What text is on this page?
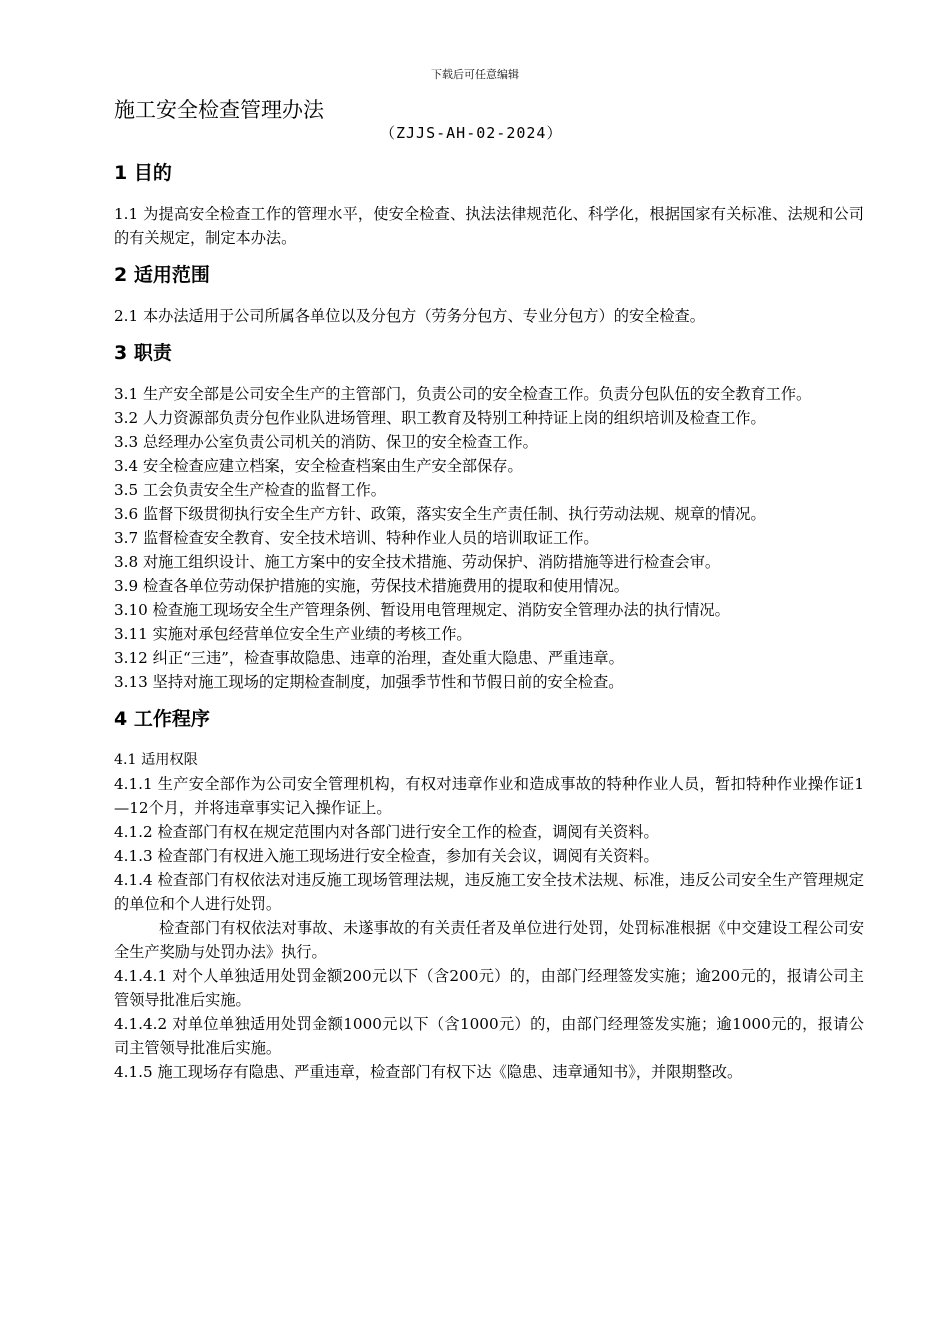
下载后可任意编辑
施工安全检查管理办法
（ZJJS-AH-02-2024）
1 目的

1.1 为提高安全检查工作的管理水平，使安全检查、执法法律规范化、科学化，根据国家有关标准、法规和公司的有关规定，制定本办法。

2 适用范围

2.1 本办法适用于公司所属各单位以及分包方（劳务分包方、专业分包方）的安全检查。

3 职责

3.1 生产安全部是公司安全生产的主管部门，负责公司的安全检查工作。负责分包队伍的安全教育工作。

3.2 人力资源部负责分包作业队进场管理、职工教育及特别工种持证上岗的组织培训及检查工作。

3.3 总经理办公室负责公司机关的消防、保卫的安全检查工作。

3.4 安全检查应建立档案，安全检查档案由生产安全部保存。

3.5 工会负责安全生产检查的监督工作。

3.6 监督下级贯彻执行安全生产方针、政策，落实安全生产责任制、执行劳动法规、规章的情况。

3.7 监督检查安全教育、安全技术培训、特种作业人员的培训取证工作。

3.8 对施工组织设计、施工方案中的安全技术措施、劳动保护、消防措施等进行检查会审。

3.9 检查各单位劳动保护措施的实施，劳保技术措施费用的提取和使用情况。

3.10 检查施工现场安全生产管理条例、暂设用电管理规定、消防安全管理办法的执行情况。

3.11 实施对承包经营单位安全生产业绩的考核工作。

3.12 纠正“三违”，检查事故隐患、违章的治理，查处重大隐患、严重违章。

3.13 坚持对施工现场的定期检查制度，加强季节性和节假日前的安全检查。

4 工作程序

4.1 适用权限

4.1.1 生产安全部作为公司安全管理机构，有权对违章作业和造成事故的特种作业人员，暂扣特种作业操作证1—12个月，并将违章事实记入操作证上。

4.1.2 检查部门有权在规定范围内对各部门进行安全工作的检查，调阅有关资料。

4.1.3 检查部门有权进入施工现场进行安全检查，参加有关会议，调阅有关资料。

4.1.4 检查部门有权依法对违反施工现场管理法规，违反施工安全技术法规、标准，违反公司安全生产管理规定的单位和个人进行处罚。

检查部门有权依法对事故、未遂事故的有关责任者及单位进行处罚，处罚标准根据《中交建设工程公司安全生产奖励与处罚办法》执行。

4.1.4.1 对个人单独适用处罚金额200元以下（含200元）的，由部门经理签发实施；逾200元的，报请公司主管领导批准后实施。

4.1.4.2 对单位单独适用处罚金额1000元以下（含1000元）的，由部门经理签发实施；逾1000元的，报请公司主管领导批准后实施。

4.1.5 施工现场存有隐患、严重违章，检查部门有权下达《隐患、违章通知书》，并限期整改。
